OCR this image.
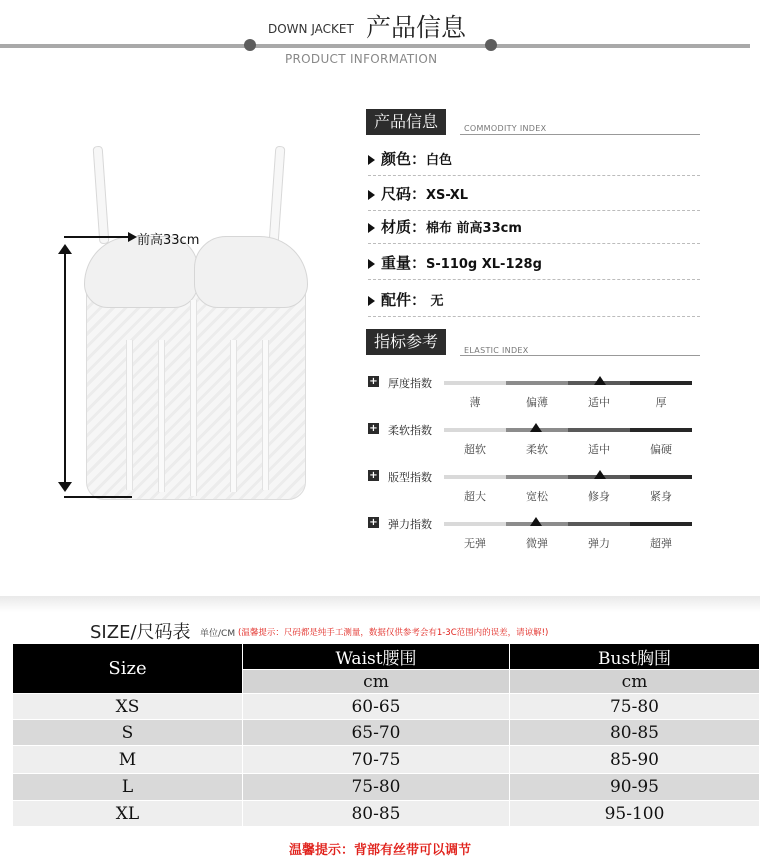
DOWN JACKET 产品信息
PRODUCT INFORMATION
前高33cm
产品信息	COMMODITY INDEX
颜色：白色
尺码：XS-XL
材质：棉布 前高33cm
重量：S-110g XL-128g
配件： 无
指标参考	ELASTIC INDEX
+ 厚度指数
薄	偏薄	适中	厚
+ 柔软指数
超软	柔软	适中	偏硬
+ 版型指数
超大	宽松	修身	紧身
+ 弹力指数
无弹	微弹	弹力	超弹
SIZE/尺码表 单位/CM (温馨提示：尺码都是纯手工测量，数据仅供参考会有1-3C范围内的误差，请谅解!)
Size	Waist腰围	Bust胸围
	cm	cm
XS	60-65	75-80
S	65-70	80-85
M	70-75	85-90
L	75-80	90-95
XL	80-85	95-100
温馨提示：背部有丝带可以调节
